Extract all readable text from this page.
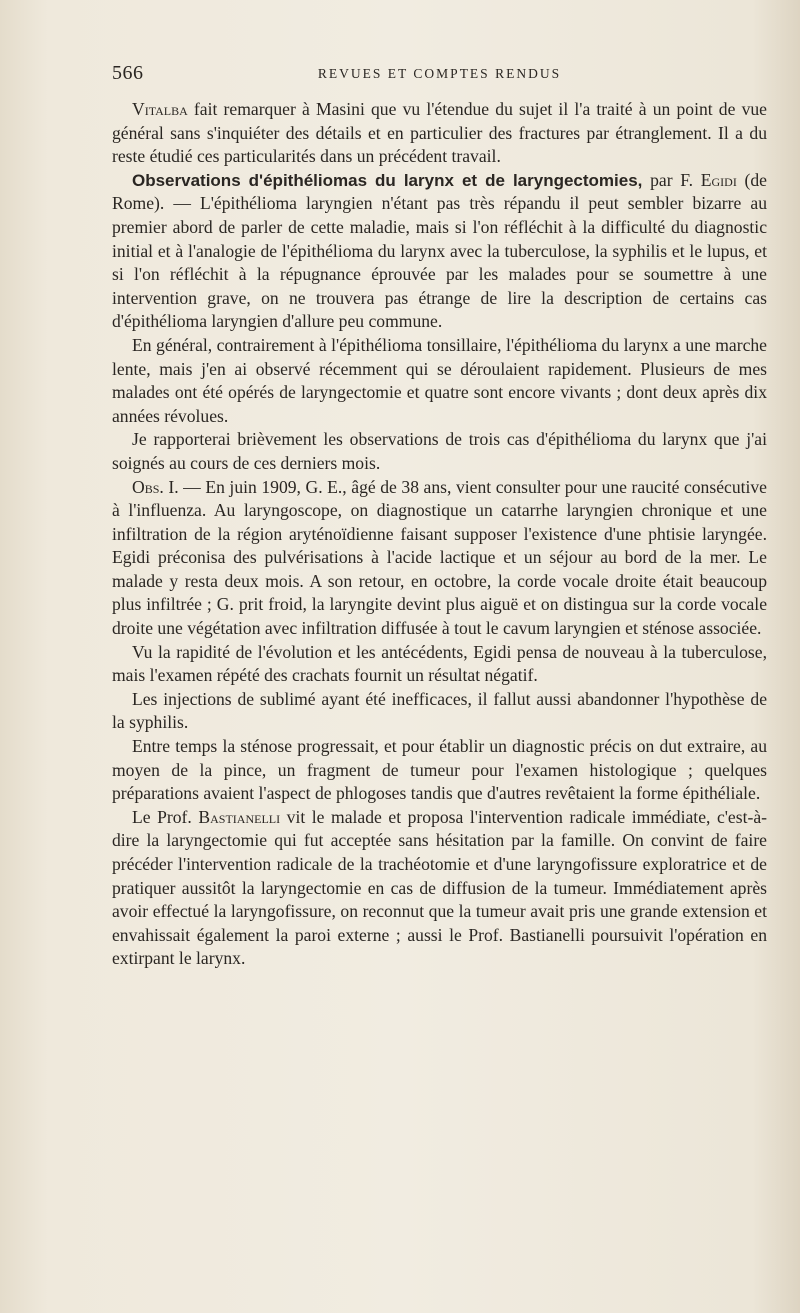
566	REVUES ET COMPTES RENDUS

Vitalba fait remarquer à Masini que vu l'étendue du sujet il l'a traité à un point de vue général sans s'inquiéter des détails et en particulier des fractures par étranglement. Il a du reste étudié ces particularités dans un précédent travail.

Observations d'épithéliomas du larynx et de laryngectomies, par F. Egidi (de Rome). — L'épithélioma laryngien n'étant pas très répandu il peut sembler bizarre au premier abord de parler de cette maladie, mais si l'on réfléchit à la difficulté du diagnostic initial et à l'analogie de l'épithélioma du larynx avec la tuberculose, la syphilis et le lupus, et si l'on réfléchit à la répugnance éprouvée par les malades pour se soumettre à une intervention grave, on ne trouvera pas étrange de lire la description de certains cas d'épithélioma laryngien d'allure peu commune.

En général, contrairement à l'épithélioma tonsillaire, l'épithélioma du larynx a une marche lente, mais j'en ai observé récemment qui se déroulaient rapidement. Plusieurs de mes malades ont été opérés de laryngectomie et quatre sont encore vivants ; dont deux après dix années révolues.

Je rapporterai brièvement les observations de trois cas d'épithélioma du larynx que j'ai soignés au cours de ces derniers mois.

Obs. I. — En juin 1909, G. E., âgé de 38 ans, vient consulter pour une raucité consécutive à l'influenza. Au laryngoscope, on diagnostique un catarrhe laryngien chronique et une infiltration de la région aryténoïdienne faisant supposer l'existence d'une phtisie laryngée. Egidi préconisa des pulvérisations à l'acide lactique et un séjour au bord de la mer. Le malade y resta deux mois. A son retour, en octobre, la corde vocale droite était beaucoup plus infiltrée ; G. prit froid, la laryngite devint plus aiguë et on distingua sur la corde vocale droite une végétation avec infiltration diffusée à tout le cavum laryngien et sténose associée.

Vu la rapidité de l'évolution et les antécédents, Egidi pensa de nouveau à la tuberculose, mais l'examen répété des crachats fournit un résultat négatif.

Les injections de sublimé ayant été inefficaces, il fallut aussi abandonner l'hypothèse de la syphilis.

Entre temps la sténose progressait, et pour établir un diagnostic précis on dut extraire, au moyen de la pince, un fragment de tumeur pour l'examen histologique ; quelques préparations avaient l'aspect de phlogoses tandis que d'autres revêtaient la forme épithéliale.

Le Prof. Bastianelli vit le malade et proposa l'intervention radicale immédiate, c'est-à-dire la laryngectomie qui fut acceptée sans hésitation par la famille. On convint de faire précéder l'intervention radicale de la trachéotomie et d'une laryngofissure exploratrice et de pratiquer aussitôt la laryngectomie en cas de diffusion de la tumeur. Immédiatement après avoir effectué la laryngofissure, on reconnut que la tumeur avait pris une grande extension et envahissait également la paroi externe ; aussi le Prof. Bastianelli poursuivit l'opération en extirpant le larynx.
